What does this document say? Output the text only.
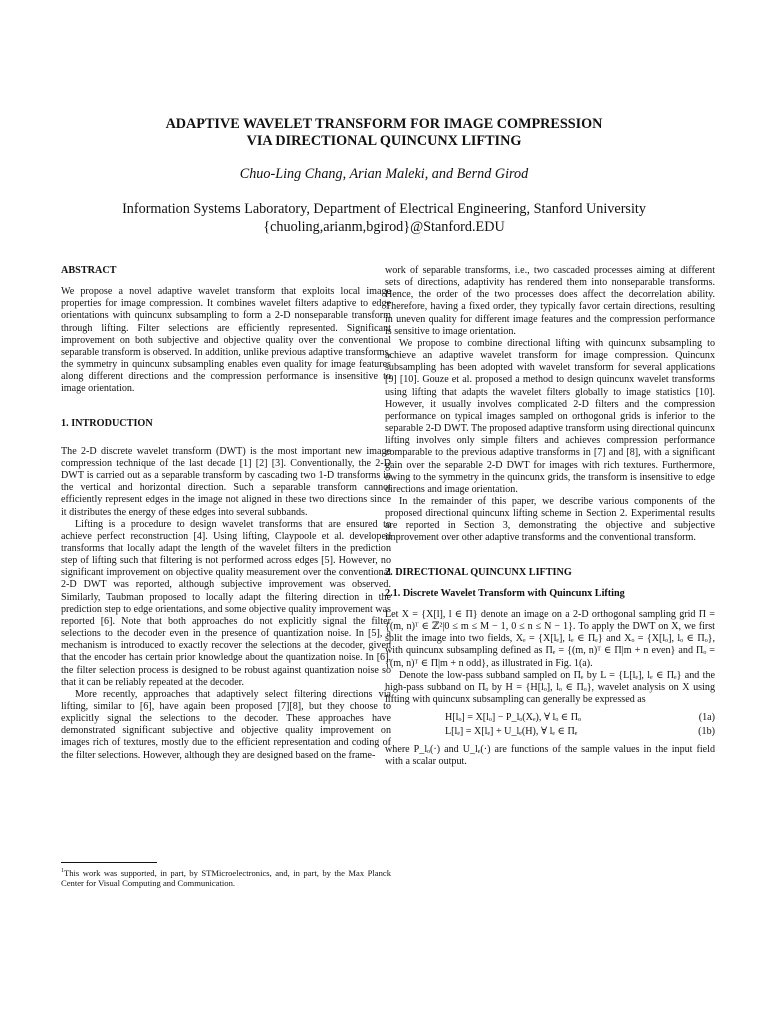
ADAPTIVE WAVELET TRANSFORM FOR IMAGE COMPRESSION
VIA DIRECTIONAL QUINCUNX LIFTING
Chuo-Ling Chang, Arian Maleki, and Bernd Girod
Information Systems Laboratory, Department of Electrical Engineering, Stanford University
{chuoling,arianm,bgirod}@Stanford.EDU

ABSTRACT

We propose a novel adaptive wavelet transform that exploits local image properties for image compression. It combines wavelet filters adaptive to edge orientations with quincunx subsampling to form a 2-D nonseparable transform through lifting. Filter selections are efficiently represented. Significant improvement on both subjective and objective quality over the conventional separable transform is observed. In addition, unlike previous adaptive transforms, the symmetry in quincunx subsampling enables even quality for image features along different directions and the compression performance is insensitive to image orientation.

1. INTRODUCTION

The 2-D discrete wavelet transform (DWT) is the most important new image compression technique of the last decade [1] [2] [3]. Conventionally, the 2-D DWT is carried out as a separable transform by cascading two 1-D transforms in the vertical and horizontal direction. Such a separable transform cannot efficiently represent edges in the image not aligned in these two directions since it distributes the energy of these edges into several subbands.

Lifting is a procedure to design wavelet transforms that are ensured to achieve perfect reconstruction [4]. Using lifting, Claypoole et al. developed transforms that locally adapt the length of the wavelet filters in the prediction step of lifting such that filtering is not performed across edges [5]. However, no significant improvement on objective quality measurement over the conventional 2-D DWT was reported, although subjective improvement was observed. Similarly, Taubman proposed to locally adapt the filtering direction in the prediction step to edge orientations, and some objective quality improvement was reported [6]. Note that both approaches do not explicitly signal the filter selections to the decoder even in the presence of quantization noise. In [5], a mechanism is introduced to exactly recover the selections at the decoder, given that the encoder has certain prior knowledge about the quantization noise. In [6], the filter selection process is designed to be robust against quantization noise so that it can be reliably repeated at the decoder.

More recently, approaches that adaptively select filtering directions via lifting, similar to [6], have again been proposed [7][8], but they choose to explicitly signal the selections to the decoder. These approaches have demonstrated significant subjective and objective quality improvement on images rich of textures, mostly due to the efficient representation and coding of the filter selections. However, although they are designed based on the frame-

$^1$This work was supported, in part, by STMicroelectronics, and, in part, by the Max Planck Center for Visual Computing and Communication.

work of separable transforms, i.e., two cascaded processes aiming at different sets of directions, adaptivity has rendered them into nonseparable transforms. Hence, the order of the two processes does affect the decorrelation ability. Therefore, having a fixed order, they typically favor certain directions, resulting in uneven quality for different image features and the compression performance is sensitive to image orientation.

We propose to combine directional lifting with quincunx subsampling to achieve an adaptive wavelet transform for image compression. Quincunx subsampling has been adopted with wavelet transform for several applications [9] [10]. Gouze et al. proposed a method to design quincunx wavelet transforms using lifting that adapts the wavelet filters globally to image statistics [10]. However, it usually involves complicated 2-D filters and the compression performance on typical images sampled on orthogonal grids is inferior to the separable 2-D DWT. The proposed adaptive transform using directional quincunx lifting involves only simple filters and achieves compression performance comparable to the previous adaptive transforms in [7] and [8], with a significant gain over the separable 2-D DWT for images with rich textures. Furthermore, owing to the symmetry in the quincunx grids, the transform is insensitive to edge directions and image orientation.

In the remainder of this paper, we describe various components of the proposed directional quincunx lifting scheme in Section 2. Experimental results are reported in Section 3, demonstrating the objective and subjective improvement over other adaptive transforms and the conventional transform.

2. DIRECTIONAL QUINCUNX LIFTING

2.1. Discrete Wavelet Transform with Quincunx Lifting

Let X = {X[l], l ∈ Π} denote an image on a 2-D orthogonal sampling grid Π = {(m, n)ᵀ ∈ ℤ²|0 ≤ m ≤ M − 1, 0 ≤ n ≤ N − 1}. To apply the DWT on X, we first split the image into two fields, Xₑ = {X[lₑ], lₑ ∈ Πₑ} and Xₒ = {X[lₒ], lₒ ∈ Πₒ}, with quincunx subsampling defined as Πₑ = {(m, n)ᵀ ∈ Π|m + n even} and Πₒ = {(m, n)ᵀ ∈ Π|m + n odd}, as illustrated in Fig. 1(a).

Denote the low-pass subband sampled on Πₑ by L = {L[lₑ], lₑ ∈ Πₑ} and the high-pass subband on Πₒ by H = {H[lₒ], lₒ ∈ Πₒ}, wavelet analysis on X using lifting with quincunx subsampling can generally be expressed as

H[lₒ] = X[lₒ] − P_lₒ(Xₑ), ∀ lₒ ∈ Πₒ	(1a)
L[lₑ] = X[lₑ] + U_lₑ(H), ∀ lₑ ∈ Πₑ	(1b)

where P_lₒ(·) and U_lₑ(·) are functions of the sample values in the input field with a scalar output.
